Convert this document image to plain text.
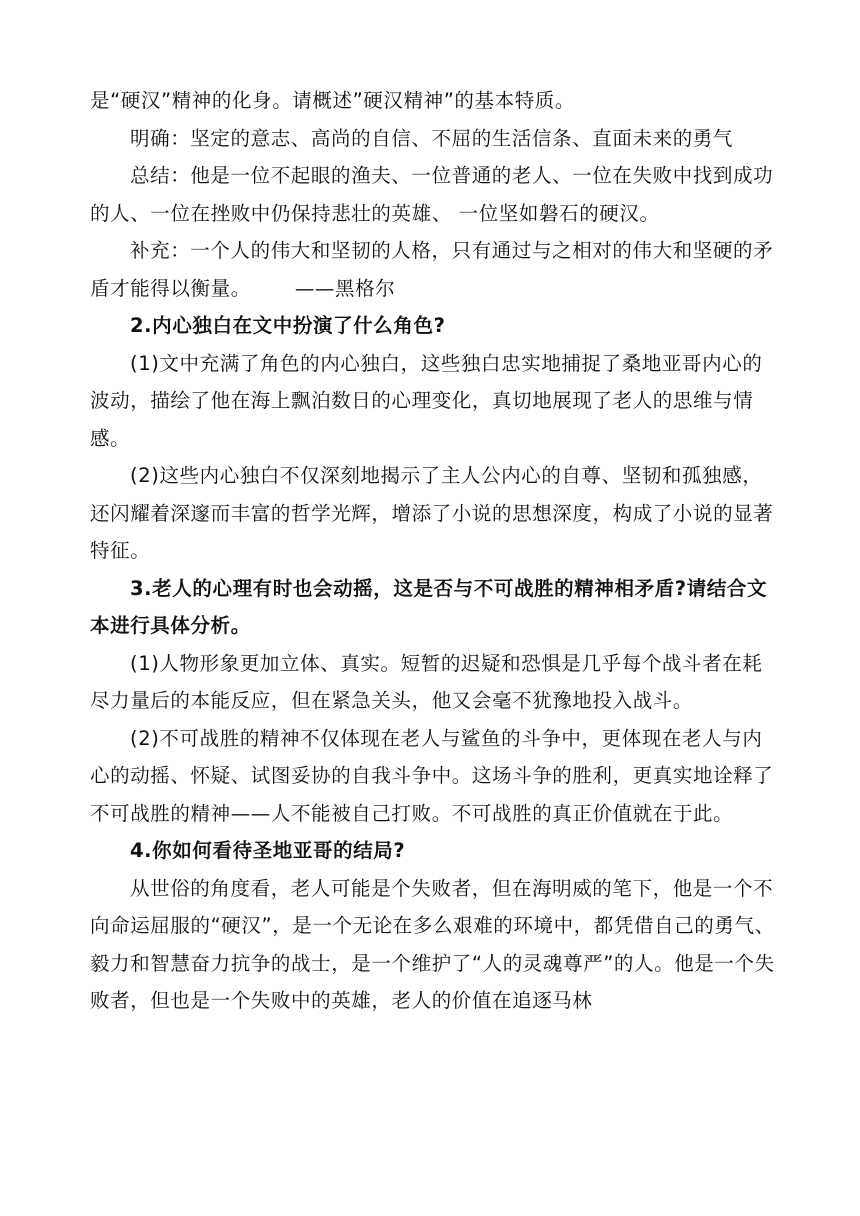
是“硬汉”精神的化身。请概述”硬汉精神”的基本特质。

明确：坚定的意志、高尚的自信、不屈的生活信条、直面未来的勇气

总结：他是一位不起眼的渔夫、一位普通的老人、一位在失败中找到成功的人、一位在挫败中仍保持悲壮的英雄、 一位坚如磐石的硬汉。

补充：一个人的伟大和坚韧的人格，只有通过与之相对的伟大和坚硬的矛盾才能得以衡量。 ——黑格尔

2.内心独白在文中扮演了什么角色?

(1)文中充满了角色的内心独白，这些独白忠实地捕捉了桑地亚哥内心的波动，描绘了他在海上飘泊数日的心理变化，真切地展现了老人的思维与情感。

(2)这些内心独白不仅深刻地揭示了主人公内心的自尊、坚韧和孤独感，还闪耀着深邃而丰富的哲学光辉，增添了小说的思想深度，构成了小说的显著特征。

3.老人的心理有时也会动摇，这是否与不可战胜的精神相矛盾?请结合文本进行具体分析。

(1)人物形象更加立体、真实。短暂的迟疑和恐惧是几乎每个战斗者在耗尽力量后的本能反应，但在紧急关头，他又会毫不犹豫地投入战斗。

(2)不可战胜的精神不仅体现在老人与鲨鱼的斗争中，更体现在老人与内心的动摇、怀疑、试图妥协的自我斗争中。这场斗争的胜利，更真实地诠释了不可战胜的精神——人不能被自己打败。不可战胜的真正价值就在于此。

4.你如何看待圣地亚哥的结局?

从世俗的角度看，老人可能是个失败者，但在海明威的笔下，他是一个不向命运屈服的“硬汉”，是一个无论在多么艰难的环境中，都凭借自己的勇气、毅力和智慧奋力抗争的战士，是一个维护了“人的灵魂尊严”的人。他是一个失败者，但也是一个失败中的英雄，老人的价值在追逐马林
